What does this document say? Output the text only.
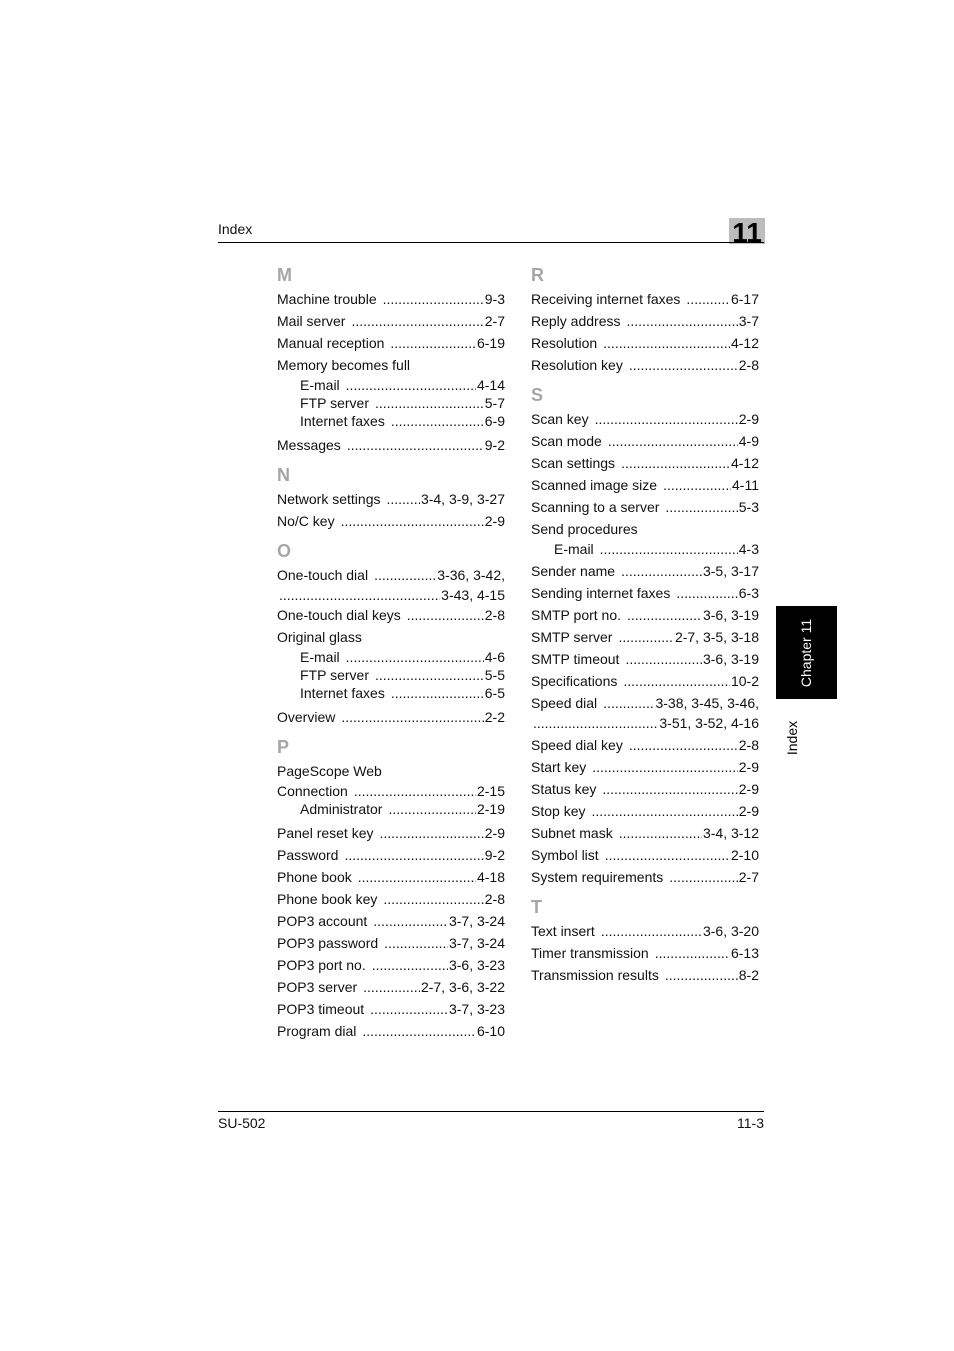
Index	11
Chapter 11
Index
M
Machine trouble .....	9-3
Mail server .....	2-7
Manual reception .....	6-19
Memory becomes full
E-mail .....	4-14
FTP server .....	5-7
Internet faxes .....	6-9
Messages .....	9-2
N
Network settings .....	3-4, 3-9, 3-27
No/C key .....	2-9
O
One-touch dial .....	3-36, 3-42,
.....
3-43, 4-15
One-touch dial keys .....	2-8
Original glass
E-mail .....	4-6
FTP server .....	5-5
Internet faxes .....	6-5
Overview .....	2-2
P
PageScope Web
Connection .....	2-15
Administrator .....	2-19
Panel reset key .....	2-9
Password .....	9-2
Phone book .....	4-18
Phone book key .....	2-8
POP3 account .....	3-7, 3-24
POP3 password .....	3-7, 3-24
POP3 port no. .....	3-6, 3-23
POP3 server .....	2-7, 3-6, 3-22
POP3 timeout .....	3-7, 3-23
Program dial .....	6-10
R
Receiving internet faxes .....	6-17
Reply address .....	3-7
Resolution .....	4-12
Resolution key .....	2-8
S
Scan key .....	2-9
Scan mode .....	4-9
Scan settings .....	4-12
Scanned image size .....	4-11
Scanning to a server .....	5-3
Send procedures
E-mail .....	4-3
Sender name .....	3-5, 3-17
Sending internet faxes .....	6-3
SMTP port no. .....	3-6, 3-19
SMTP server .....	2-7, 3-5, 3-18
SMTP timeout .....	3-6, 3-19
Specifications .....	10-2
Speed dial .....	3-38, 3-45, 3-46,
.....
3-51, 3-52, 4-16
Speed dial key .....	2-8
Start key .....	2-9
Status key .....	2-9
Stop key .....	2-9
Subnet mask .....	3-4, 3-12
Symbol list .....	2-10
System requirements .....	2-7
T
Text insert .....	3-6, 3-20
Timer transmission .....	6-13
Transmission results .....	8-2
SU-502	11-3
